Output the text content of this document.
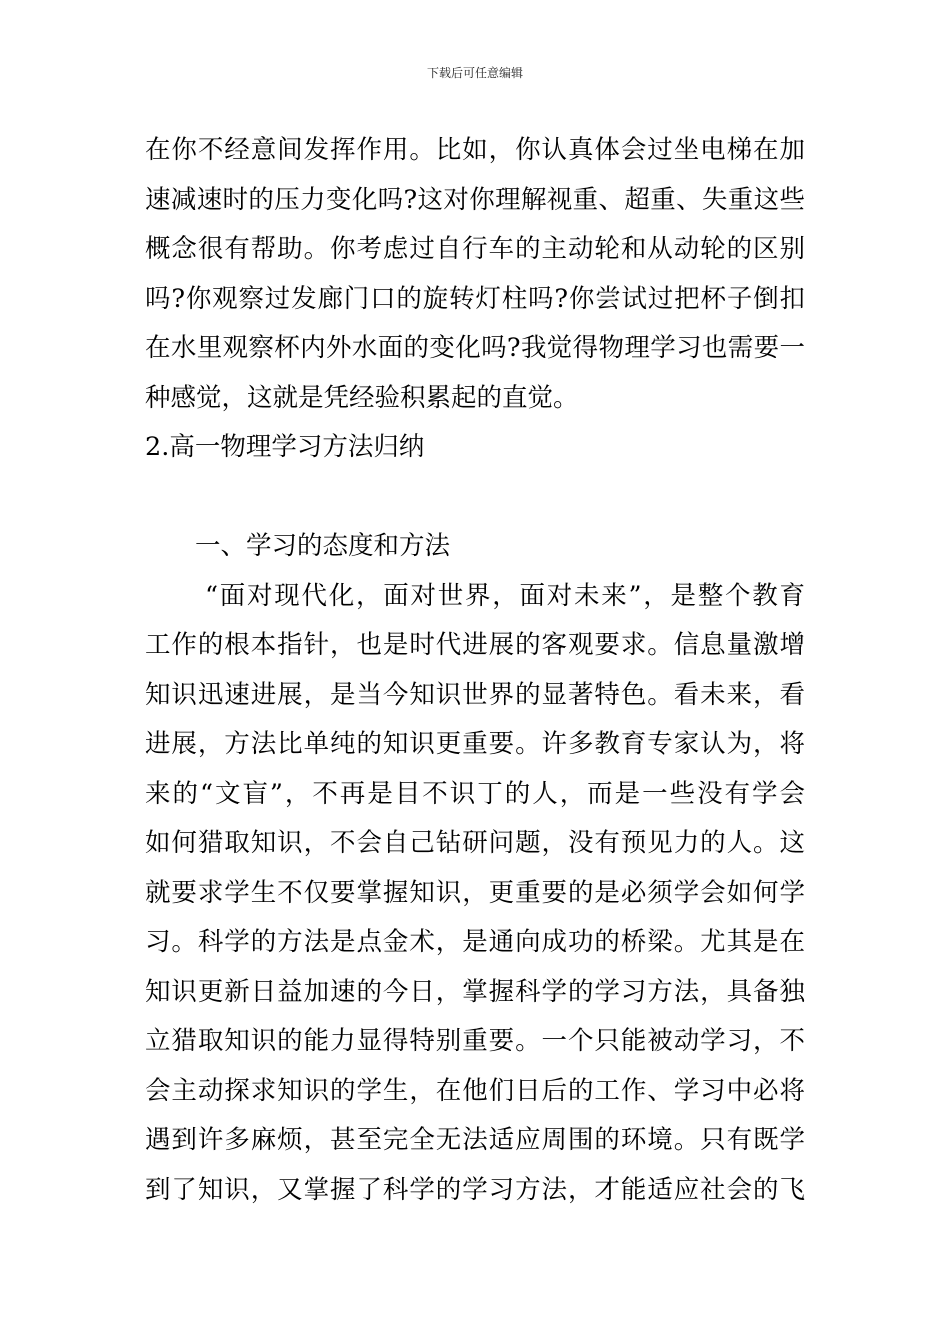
下载后可任意编辑
在你不经意间发挥作用。比如，你认真体会过坐电梯在加
速减速时的压力变化吗?这对你理解视重、超重、失重这些
概念很有帮助。你考虑过自行车的主动轮和从动轮的区别
吗?你观察过发廊门口的旋转灯柱吗?你尝试过把杯子倒扣
在水里观察杯内外水面的变化吗?我觉得物理学习也需要一
种感觉，这就是凭经验积累起的直觉。
2.高一物理学习方法归纳
一、学习的态度和方法
“面对现代化，面对世界，面对未来”，是整个教育
工作的根本指针，也是时代进展的客观要求。信息量激增
知识迅速进展，是当今知识世界的显著特色。看未来，看
进展，方法比单纯的知识更重要。许多教育专家认为，将
来的“文盲”，不再是目不识丁的人，而是一些没有学会
如何猎取知识，不会自己钻研问题，没有预见力的人。这
就要求学生不仅要掌握知识，更重要的是必须学会如何学
习。科学的方法是点金术，是通向成功的桥梁。尤其是在
知识更新日益加速的今日，掌握科学的学习方法，具备独
立猎取知识的能力显得特别重要。一个只能被动学习，不
会主动探求知识的学生，在他们日后的工作、学习中必将
遇到许多麻烦，甚至完全无法适应周围的环境。只有既学
到了知识，又掌握了科学的学习方法，才能适应社会的飞
